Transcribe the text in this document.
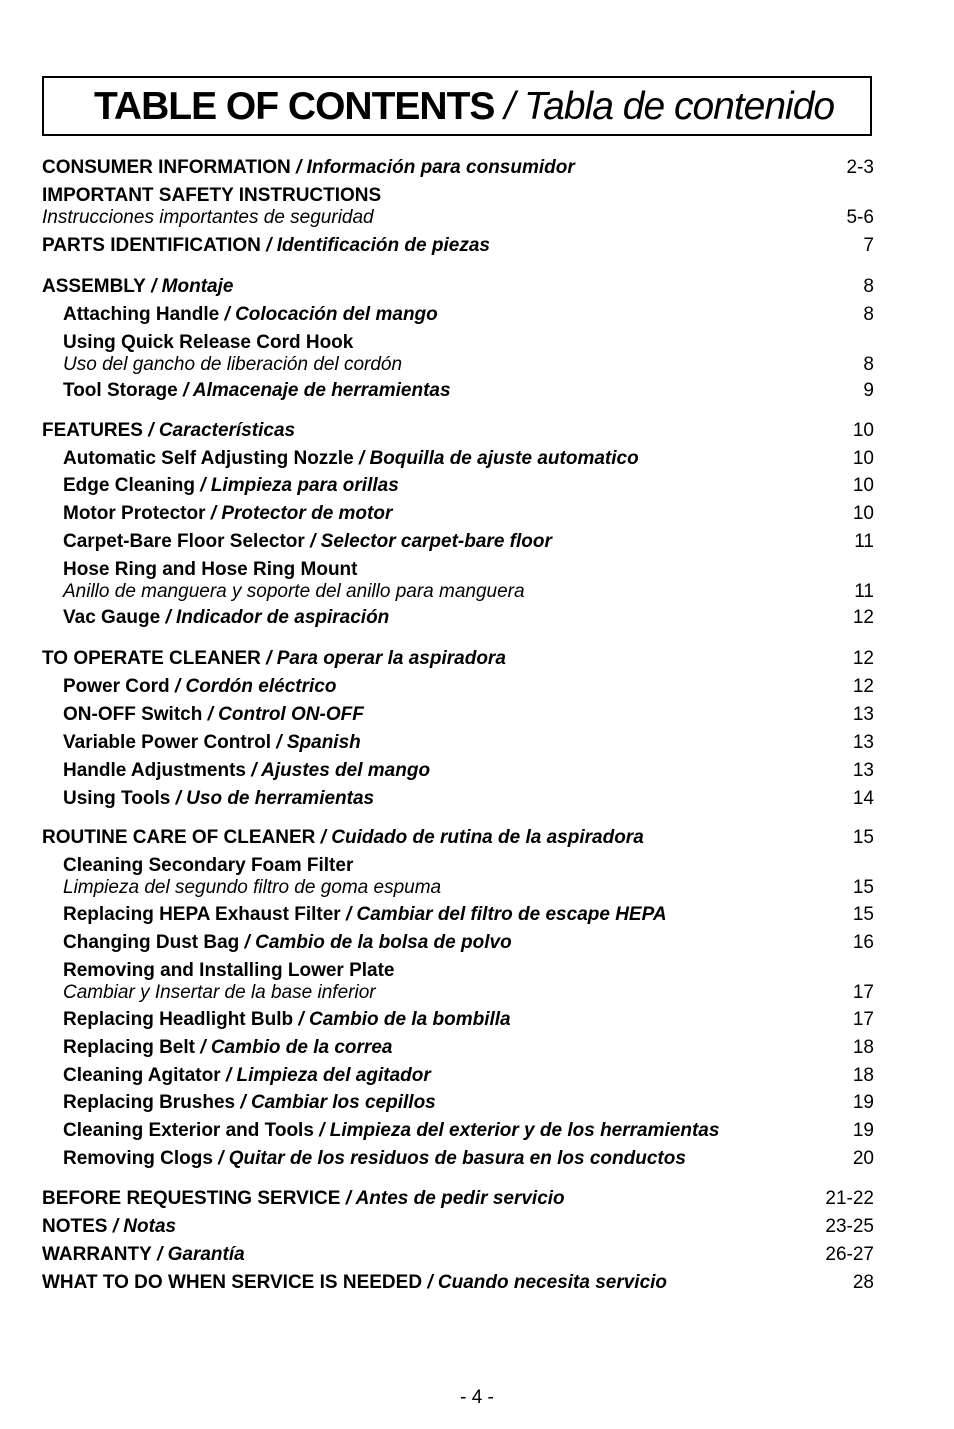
TABLE OF CONTENTS / Tabla de contenido
CONSUMER INFORMATION / Información para consumidor	2-3
IMPORTANT SAFETY INSTRUCTIONS
Instrucciones importantes de seguridad	5-6
PARTS IDENTIFICATION / Identificación de piezas	7
ASSEMBLY / Montaje	8
Attaching Handle / Colocación del mango	8
Using Quick Release Cord Hook
Uso del gancho de liberación del cordón	8
Tool Storage / Almacenaje de herramientas	9
FEATURES / Características	10
Automatic Self Adjusting Nozzle / Boquilla de ajuste automatico	10
Edge Cleaning / Limpieza para orillas	10
Motor Protector / Protector de motor	10
Carpet-Bare Floor Selector / Selector carpet-bare floor	11
Hose Ring and Hose Ring Mount
Anillo de manguera y soporte del anillo para manguera	11
Vac Gauge / Indicador de aspiración	12
TO OPERATE CLEANER / Para operar la aspiradora	12
Power Cord / Cordón eléctrico	12
ON-OFF Switch / Control ON-OFF	13
Variable Power Control / Spanish	13
Handle Adjustments / Ajustes del mango	13
Using Tools / Uso de herramientas	14
ROUTINE CARE OF CLEANER / Cuidado de rutina de la aspiradora	15
Cleaning Secondary Foam Filter
Limpieza del segundo filtro de goma espuma	15
Replacing HEPA Exhaust Filter / Cambiar del filtro de escape HEPA	15
Changing Dust Bag / Cambio de la bolsa de polvo	16
Removing and Installing Lower Plate
Cambiar y Insertar de la base inferior	17
Replacing Headlight Bulb / Cambio de la bombilla	17
Replacing Belt / Cambio de la correa	18
Cleaning Agitator / Limpieza del agitador	18
Replacing Brushes / Cambiar los cepillos	19
Cleaning Exterior and Tools / Limpieza del exterior y de los herramientas	19
Removing Clogs / Quitar de los residuos de basura en los conductos	20
BEFORE REQUESTING SERVICE / Antes de pedir servicio	21-22
NOTES / Notas	23-25
WARRANTY / Garantía	26-27
WHAT TO DO WHEN SERVICE IS NEEDED / Cuando necesita servicio	28
- 4 -
